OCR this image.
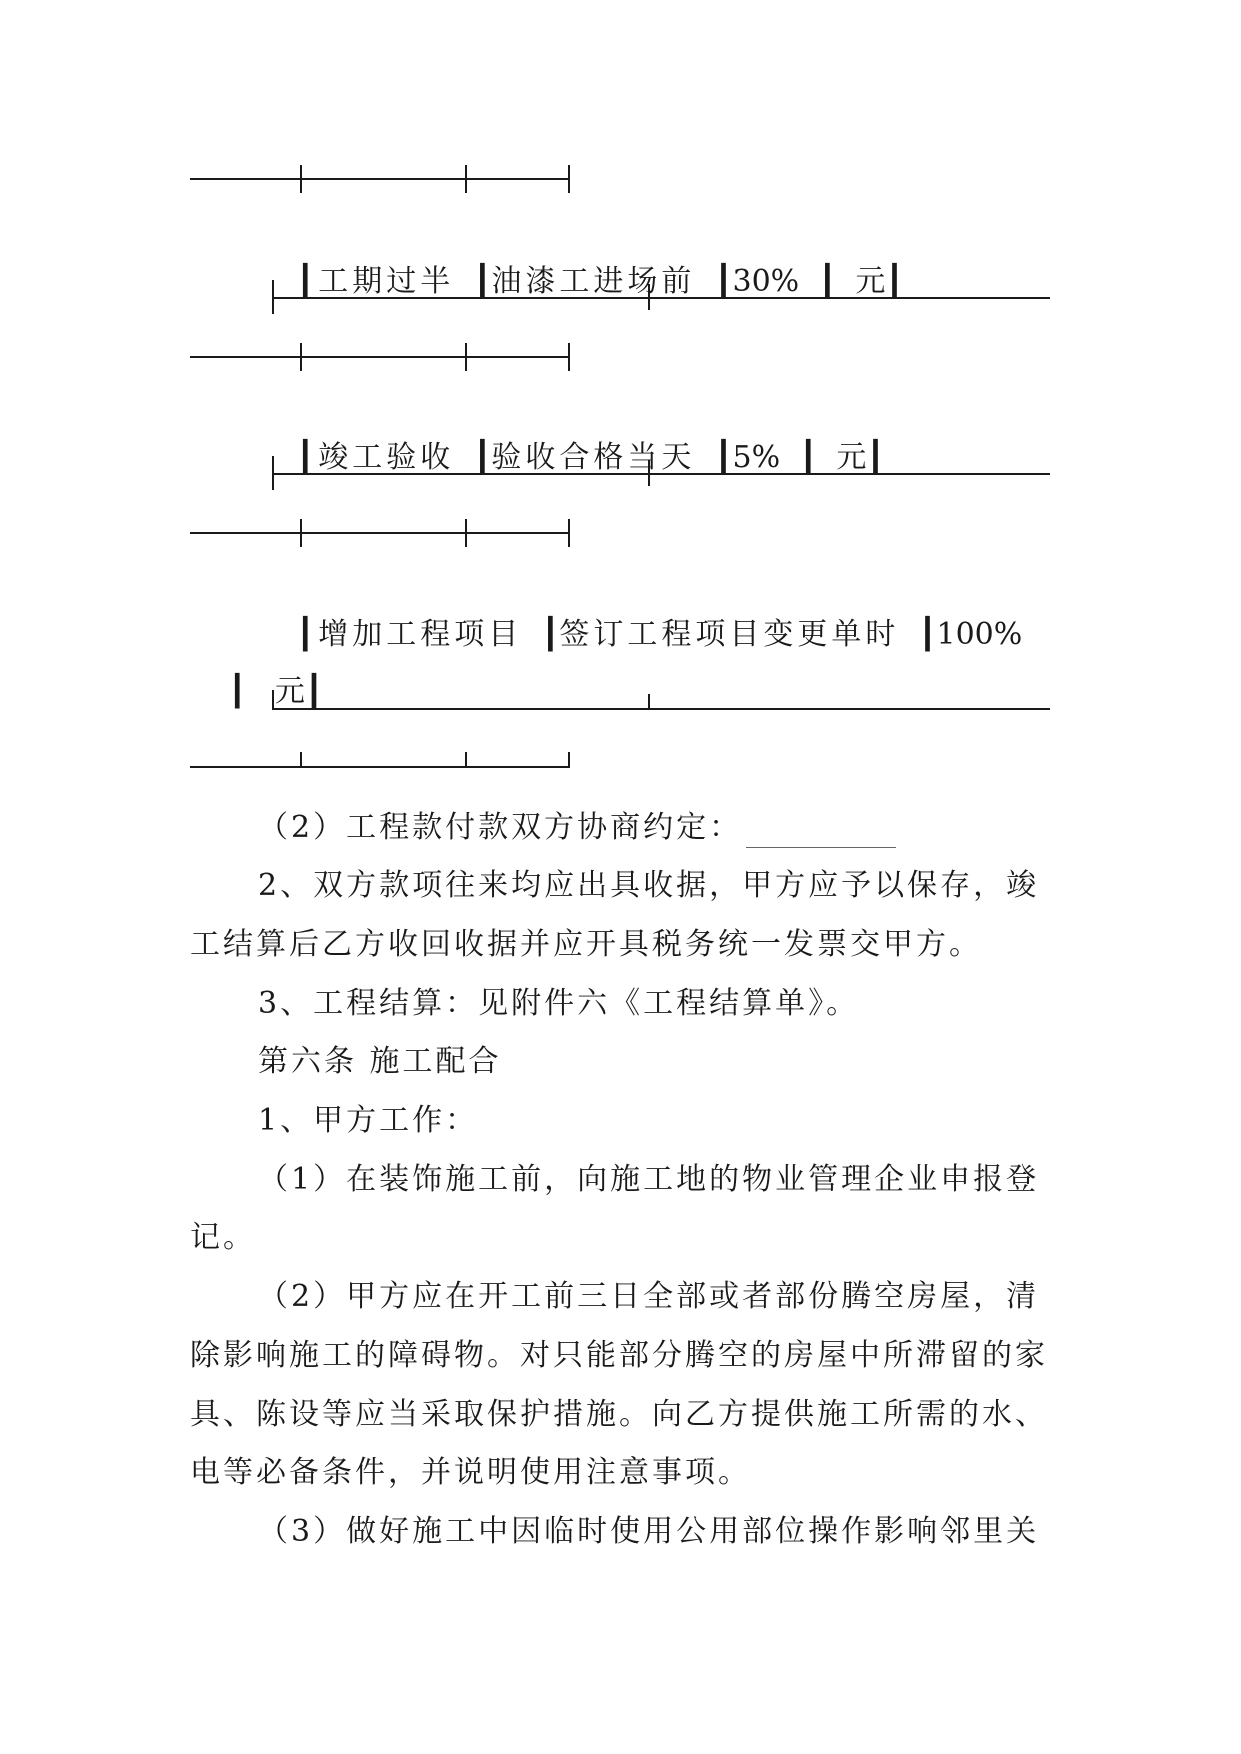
┃ 工期过半  ┃油漆工进场前  ┃30%  ┃  元┃

┃ 竣工验收  ┃验收合格当天  ┃5%  ┃  元┃

┃ 增加工程项目  ┃签订工程项目变更单时  ┃100%

┃   元┃

（2）工程款付款双方协商约定：
2、双方款项往来均应出具收据，甲方应予以保存，竣
工结算后乙方收回收据并应开具税务统一发票交甲方。
3、工程结算：见附件六《工程结算单》。
第六条 施工配合
1、甲方工作：
（1）在装饰施工前，向施工地的物业管理企业申报登
记。
（2）甲方应在开工前三日全部或者部份腾空房屋，清
除影响施工的障碍物。对只能部分腾空的房屋中所滞留的家
具、陈设等应当采取保护措施。向乙方提供施工所需的水、
电等必备条件，并说明使用注意事项。
（3）做好施工中因临时使用公用部位操作影响邻里关
